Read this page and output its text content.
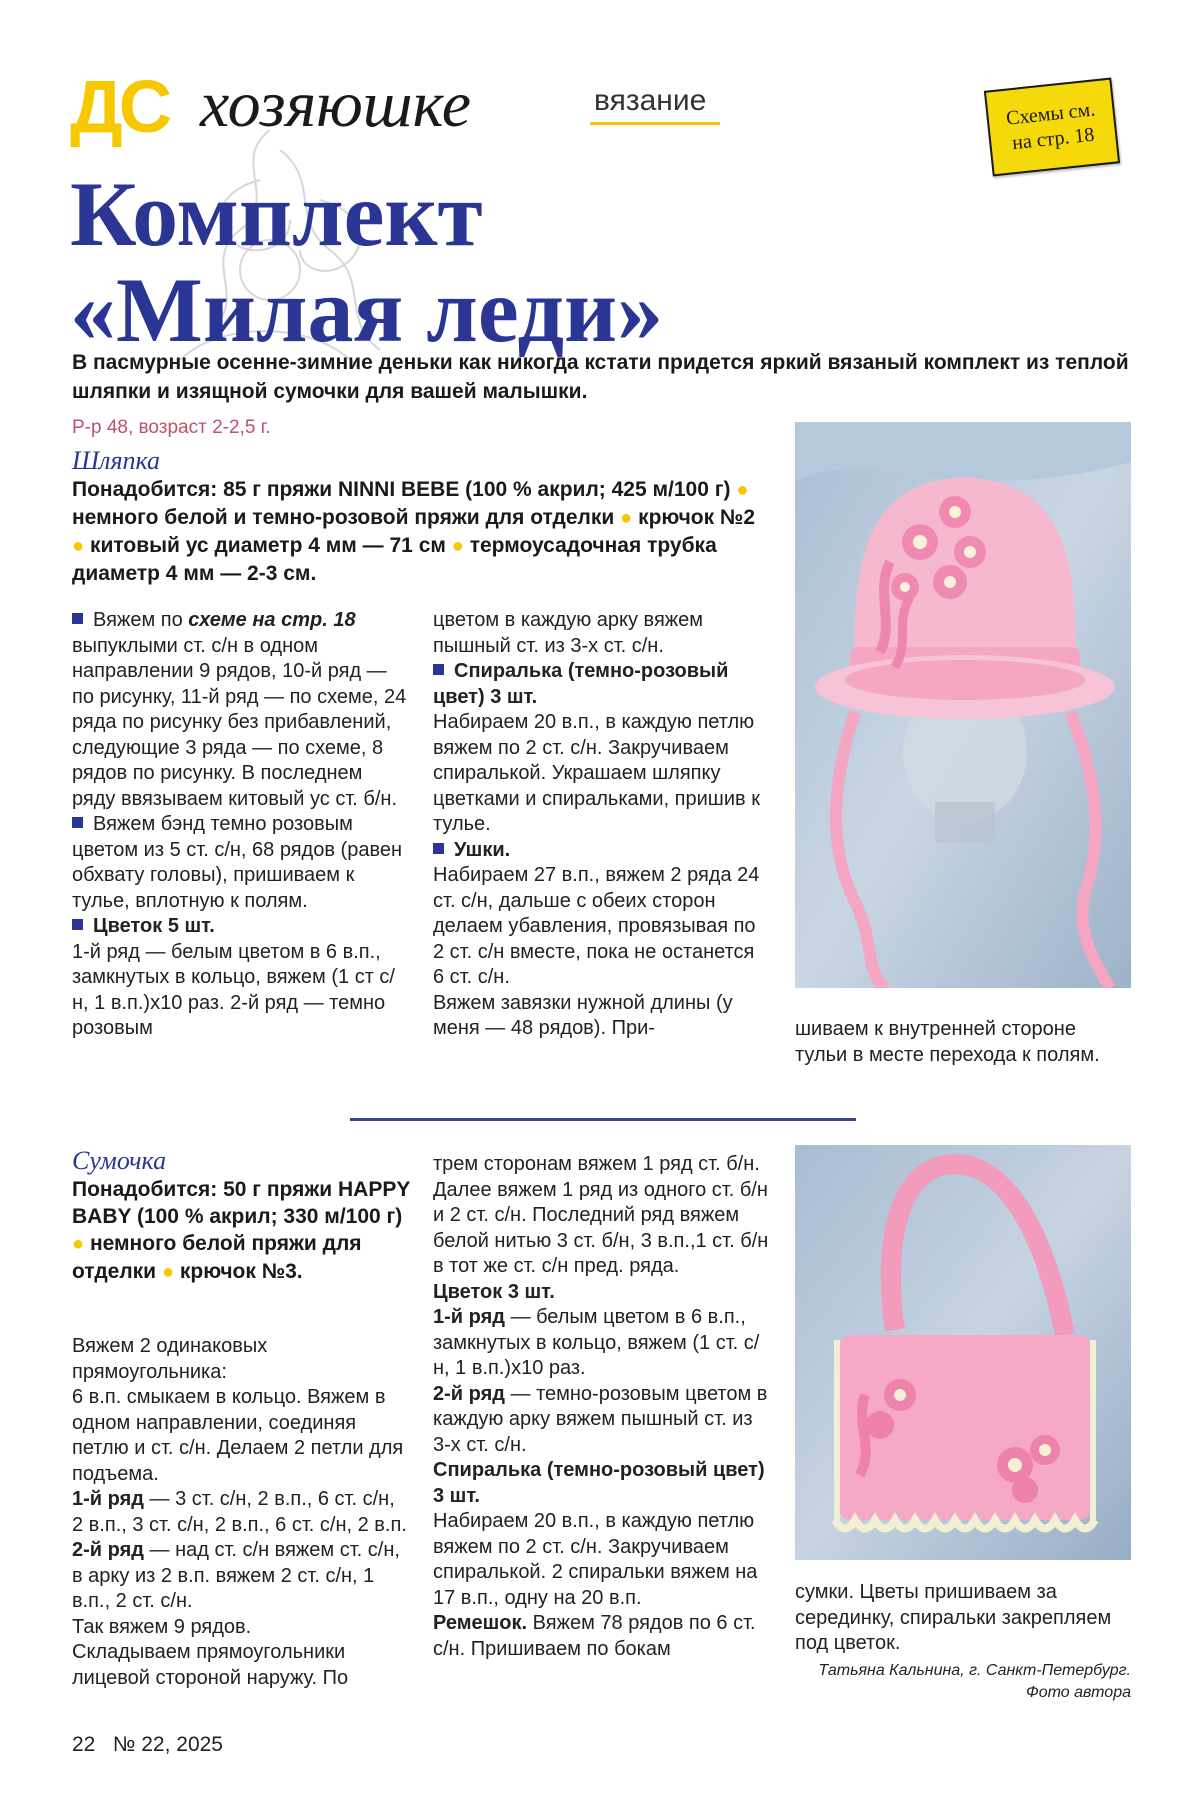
ДС хозяюшке	вязание	Схемы см.
на стр. 18
Комплект
«Милая леди»
В пасмурные осенне-зимние деньки как никогда кстати придется яркий вязаный комплект из теплой шляпки и изящной сумочки для вашей малышки.
Р-р 48, возраст 2-2,5 г.
Шляпка
Понадобится: 85 г пряжи NINNI BEBE (100 % акрил; 425 м/100 г) ● немного белой и темно-розовой пряжи для отделки ● крючок №2 ● китовый ус диаметр 4 мм — 71 см ● термоусадочная трубка диаметр 4 мм — 2-3 см.

Вяжем по схеме на стр. 18 выпуклыми ст. с/н в одном направлении 9 рядов, 10-й ряд — по рисунку, 11-й ряд — по схеме, 24 ряда по рисунку без прибавлений, следующие 3 ряда — по схеме, 8 рядов по рисунку. В последнем ряду ввязываем китовый ус ст. б/н.

Вяжем бэнд темно розовым цветом из 5 ст. с/н, 68 рядов (равен обхвату головы), пришиваем к тулье, вплотную к полям.

Цветок 5 шт.

1-й ряд — белым цветом в 6 в.п., замкнутых в кольцо, вяжем (1 ст с/н, 1 в.п.)х10 раз. 2-й ряд — темно розовым

цветом в каждую арку вяжем пышный ст. из 3-х ст. с/н.

Спиралька (темно-розовый цвет) 3 шт.

Набираем 20 в.п., в каждую петлю вяжем по 2 ст. с/н. Закручиваем спиралькой. Украшаем шляпку цветками и спиральками, пришив к тулье.

Ушки.

Набираем 27 в.п., вяжем 2 ряда 24 ст. с/н, дальше с обеих сторон делаем убавления, провязывая по 2 ст. с/н вместе, пока не останется 6 ст. с/н.

Вяжем завязки нужной длины (у меня — 48 рядов). При-	шиваем к внутренней стороне тульи в месте перехода к полям.

Сумочка
Понадобится: 50 г пряжи HAPPY BABY (100 % акрил; 330 м/100 г) ● немного белой пряжи для отделки ● крючок №3.

Вяжем 2 одинаковых прямоугольника:

6 в.п. смыкаем в кольцо. Вяжем в одном направлении, соединяя петлю и ст. с/н. Делаем 2 петли для подъема.

1-й ряд — 3 ст. с/н, 2 в.п., 6 ст. с/н, 2 в.п., 3 ст. с/н, 2 в.п., 6 ст. с/н, 2 в.п.

2-й ряд — над ст. с/н вяжем ст. с/н, в арку из 2 в.п. вяжем 2 ст. с/н, 1 в.п., 2 ст. с/н.

Так вяжем 9 рядов.

Складываем прямоугольники лицевой стороной наружу. По

трем сторонам вяжем 1 ряд ст. б/н. Далее вяжем 1 ряд из одного ст. б/н и 2 ст. с/н. Последний ряд вяжем белой нитью 3 ст. б/н, 3 в.п.,1 ст. б/н в тот же ст. с/н пред. ряда.

Цветок 3 шт.

1-й ряд — белым цветом в 6 в.п., замкнутых в кольцо, вяжем (1 ст. с/н, 1 в.п.)х10 раз.

2-й ряд — темно-розовым цветом в каждую арку вяжем пышный ст. из 3-х ст. с/н.

Спиралька (темно-розовый цвет) 3 шт.

Набираем 20 в.п., в каждую петлю вяжем по 2 ст. с/н. Закручиваем спиралькой. 2 спиральки вяжем на 17 в.п., одну на 20 в.п.

Ремешок. Вяжем 78 рядов по 6 ст. с/н. Пришиваем по бокам

сумки. Цветы пришиваем за серединку, спиральки закрепляем под цветок.

Татьяна Кальнина, г. Санкт-Петербург.
Фото автора
22 № 22, 2025
